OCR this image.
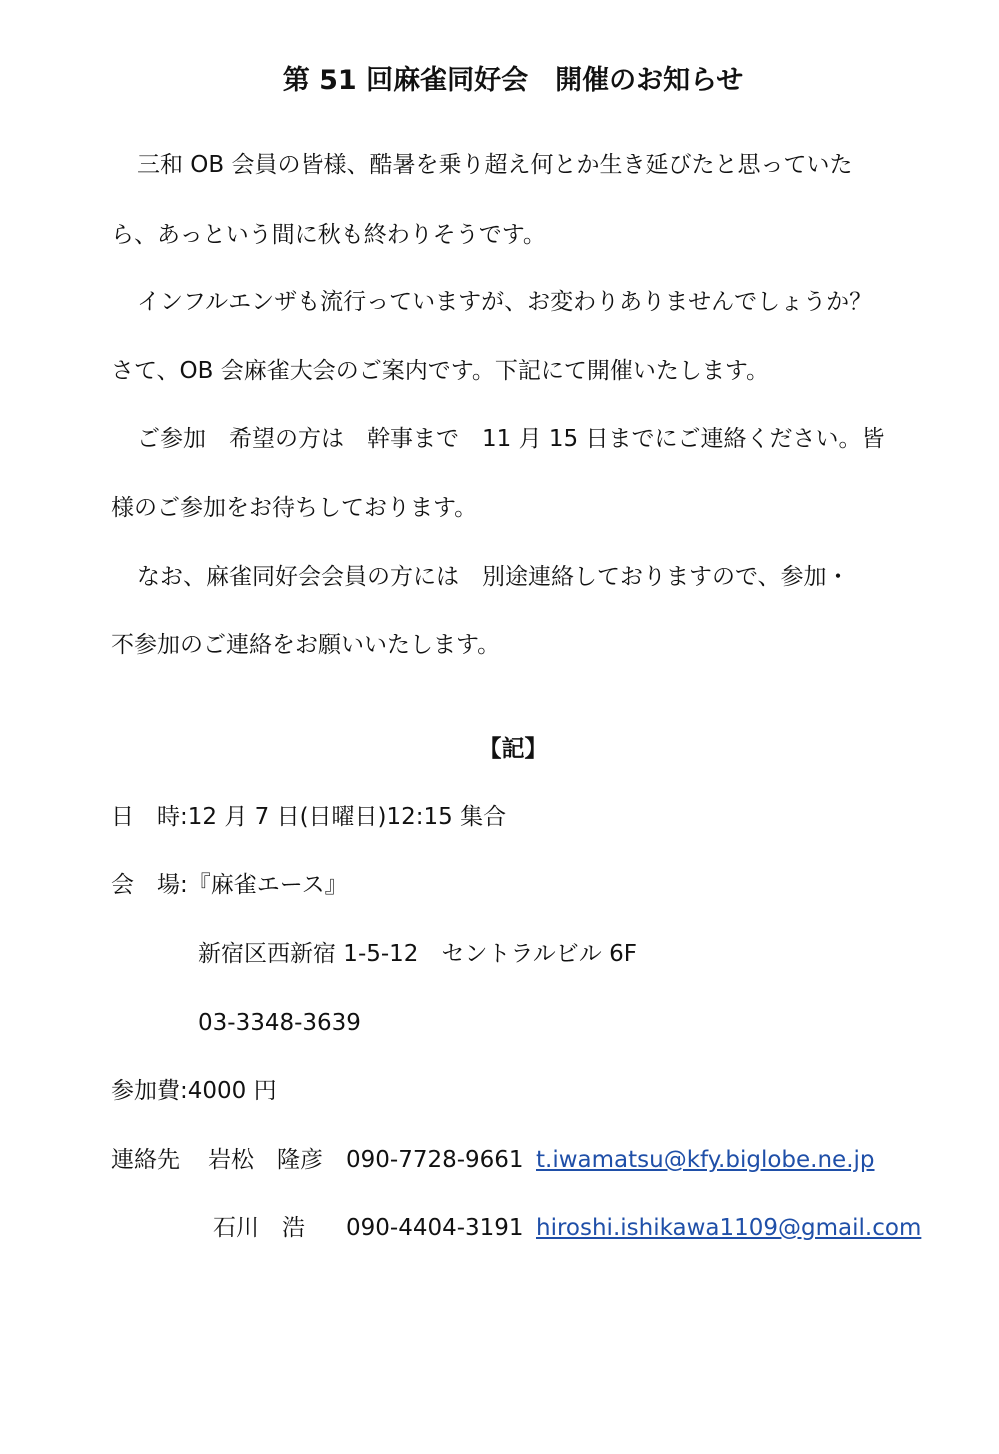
第 51 回麻雀同好会　開催のお知らせ
三和 OB 会員の皆様、酷暑を乗り超え何とか生き延びたと思っていた
ら、あっという間に秋も終わりそうです。
インフルエンザも流行っていますが、お変わりありませんでしょうか？
さて、OB 会麻雀大会のご案内です。下記にて開催いたします。
ご参加　希望の方は　幹事まで　11 月 15 日までにご連絡ください。皆
様のご参加をお待ちしております。
なお、麻雀同好会会員の方には　別途連絡しておりますので、参加・
不参加のご連絡をお願いいたします。
【記】
日　時:12 月 7 日(日曜日)12:15 集合
会　場:『麻雀エース』
新宿区西新宿 1-5-12　セントラルビル 6F
03-3348-3639
参加費:4000 円
連絡先 岩松　隆彦 090-7728-9661 t.iwamatsu@kfy.biglobe.ne.jp
石川　浩 090-4404-3191 hiroshi.ishikawa1109@gmail.com
